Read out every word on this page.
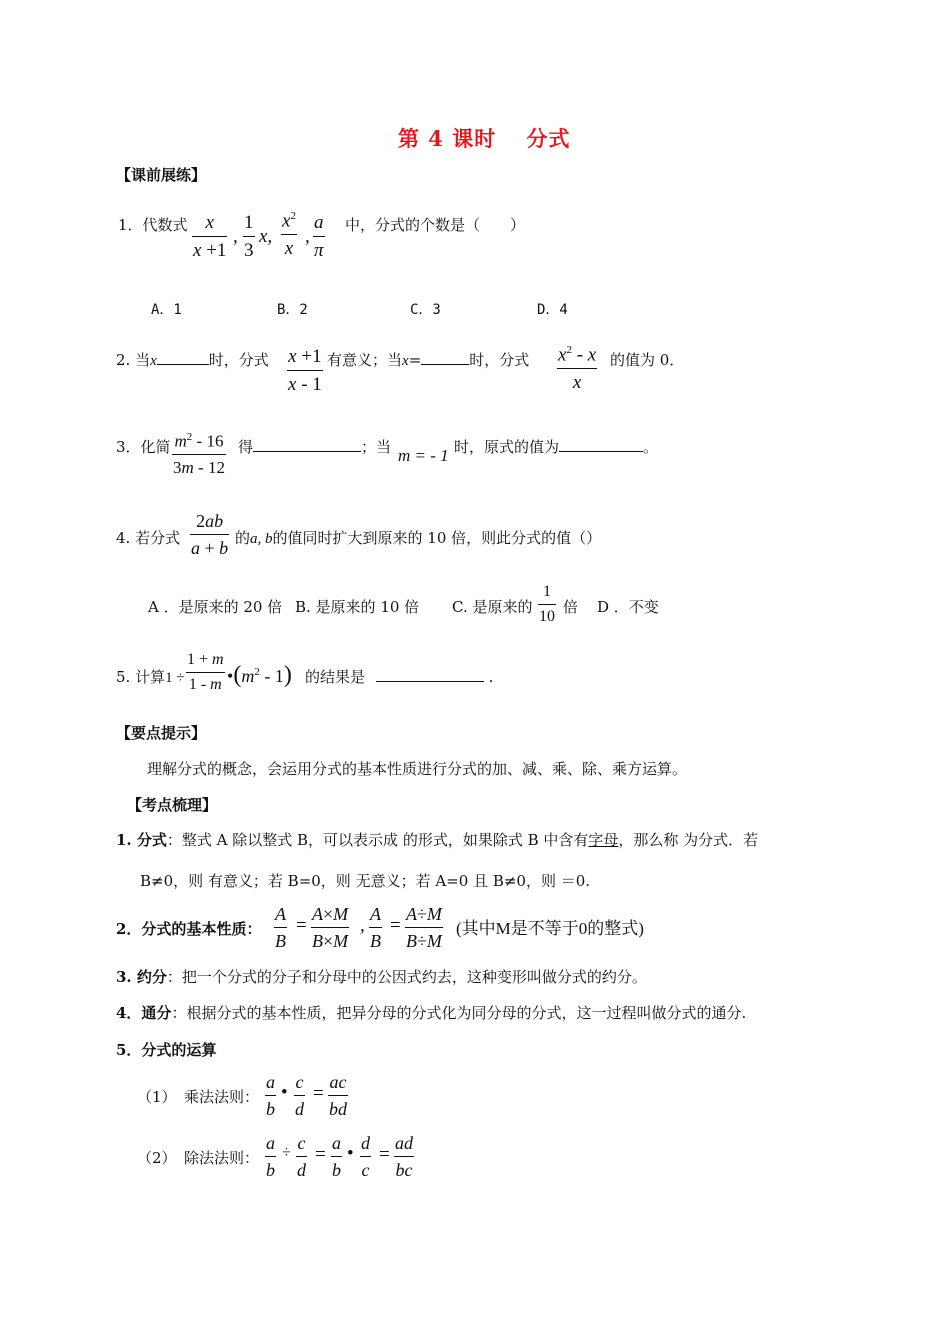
第 4 课时　 分式
【课前展练】
1．代数式 $\frac{x}{x +1}$ , $\frac{1}{3} x$, $\frac{x^2}{x}$ , $\frac{a}{\pi}$ 中，分式的个数是（　　）
A．1	B．2	C．3	D．4
2. 当x	时，分式 $\frac{x +1}{x - 1}$ 有意义；当x=	时，分式 $\frac{x^2 - x}{x}$ 的值为 0．
3．化简 $\frac{m^2 - 16}{3m - 12}$ 得	；当 m = - 1 时，原式的值为	。
4. 若分式 $\frac{2ab}{a + b}$ 的a, b的值同时扩大到原来的 10 倍，则此分式的值（）
A ．是原来的 20 倍 B. 是原来的 10 倍 C. 是原来的 $\frac{1}{10}$ 倍 D ．不变
5. 计算$1 \div \frac{1 + m}{1 - m}$ $•(m^2 - 1)$ 的结果是	.
【要点提示】
理解分式的概念，会运用分式的基本性质进行分式的加、减、乘、除、乘方运算。
【考点梳理】
1. 分式：整式 A 除以整式 B，可以表示成 的形式，如果除式 B 中含有字母，那么称 为分式．若
B≠0，则 有意义；若 B=0，则 无意义；若 A=0 且 B≠0，则 ＝0.
2．分式的基本性质： $\frac{A}{B} = \frac{A\times M}{B\times M}$ , $\frac{A}{B} = \frac{A\div M}{B\div M}$ (其中M是不等于0的整式)
3. 约分：把一个分式的分子和分母中的公因式约去，这种变形叫做分式的约分。
4．通分：根据分式的基本性质，把异分母的分式化为同分母的分式，这一过程叫做分式的通分.
5．分式的运算
（1）　乘法法则： $\frac{a}{b}$ • $\frac{c}{d} = \frac{ac}{bd}$
（2）　除法法则： $\frac{a}{b} \div \frac{c}{d} = \frac{a}{b}$ • $\frac{d}{c} = \frac{ad}{bc}$
